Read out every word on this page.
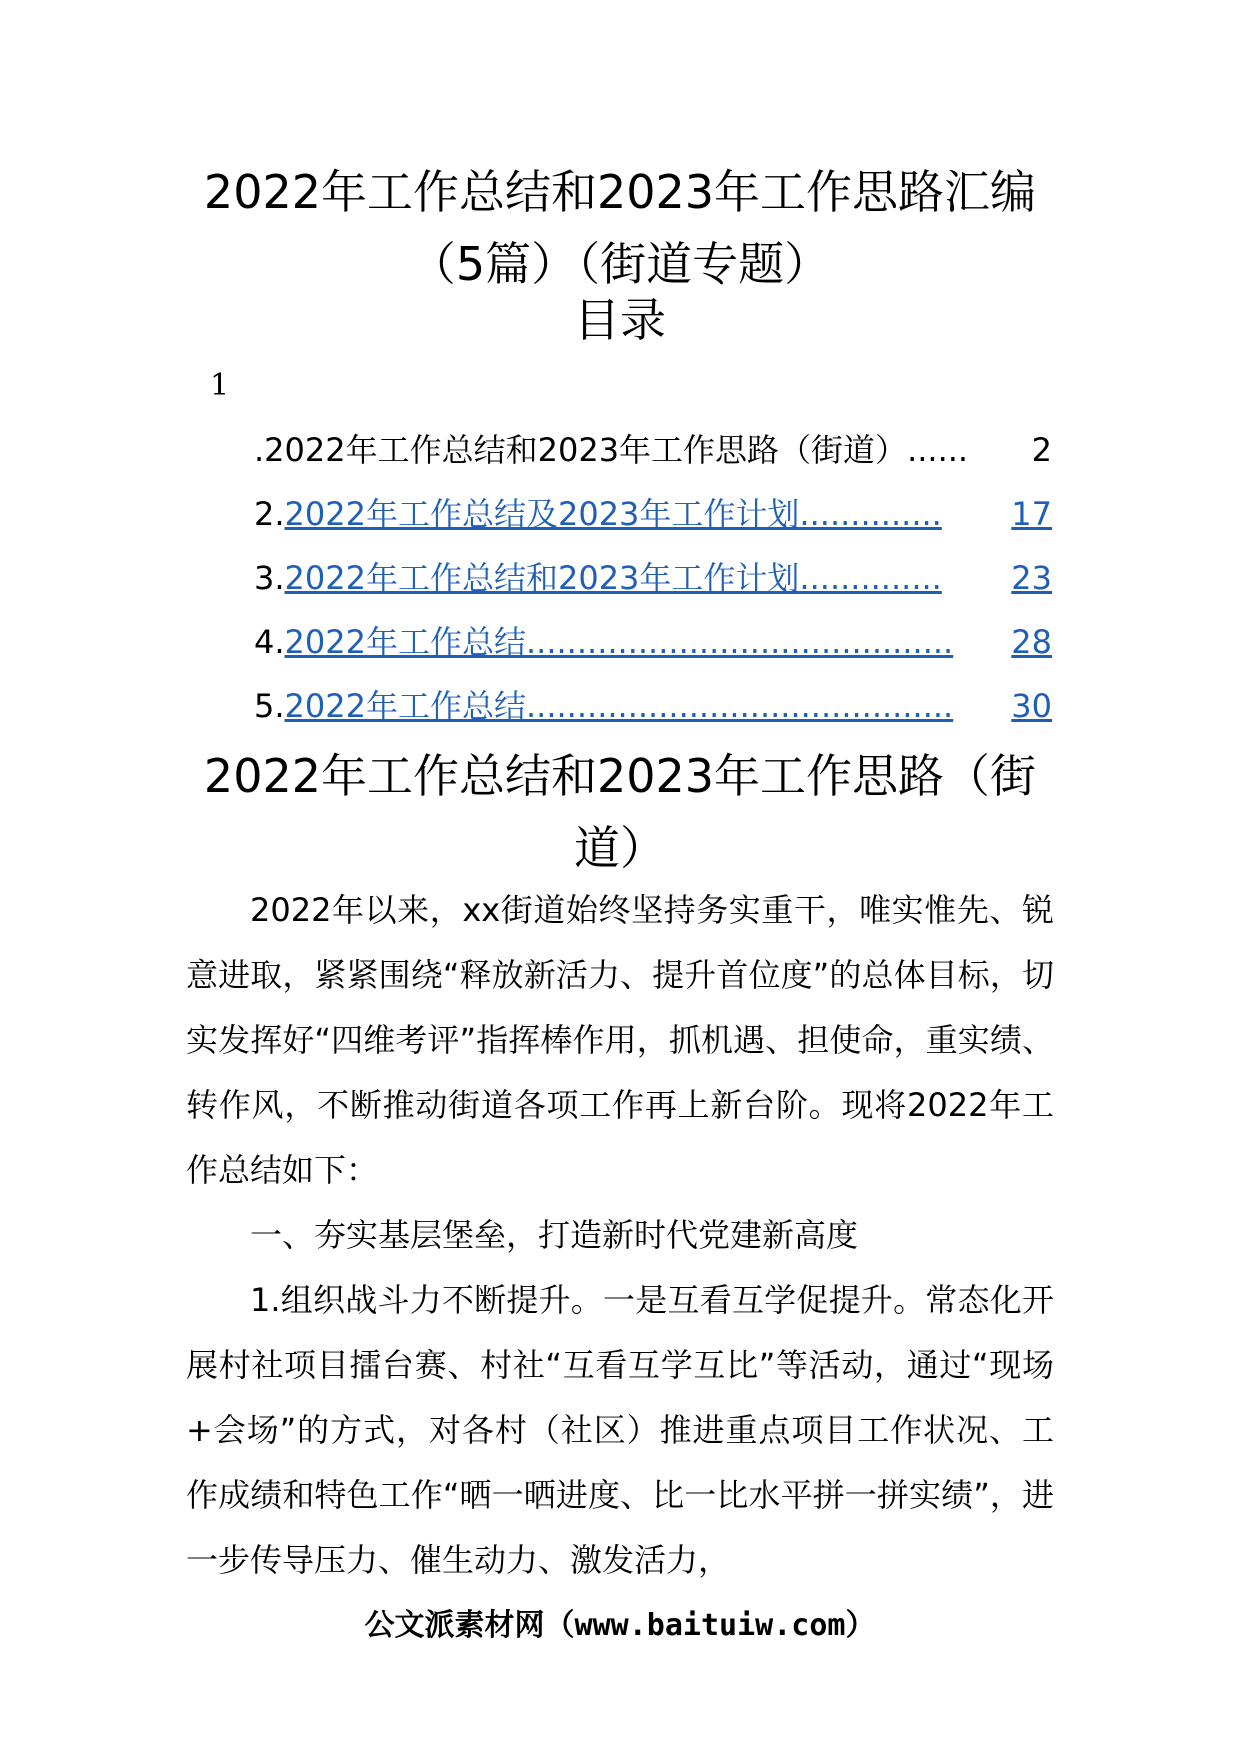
2022年工作总结和2023年工作思路汇编
（5篇）（街道专题）
目录
1
.2022年工作总结和2023年工作思路（街道） ......	2
2. 2022年工作总结及2023年工作计划 ..............	17
3. 2022年工作总结和2023年工作计划 ..............	23
4. 2022年工作总结 ..........................................	28
5. 2022年工作总结 ..........................................	30
2022年工作总结和2023年工作思路（街
道）

2022年以来，xx街道始终坚持务实重干，唯实惟先、锐意进取，紧紧围绕“释放新活力、提升首位度”的总体目标，切实发挥好“四维考评”指挥棒作用，抓机遇、担使命，重实绩、转作风，不断推动街道各项工作再上新台阶。现将2022年工作总结如下：

一、夯实基层堡垒，打造新时代党建新高度

1.组织战斗力不断提升。一是互看互学促提升。常态化开展村社项目擂台赛、村社“互看互学互比”等活动，通过“现场+会场”的方式，对各村（社区）推进重点项目工作状况、工作成绩和特色工作“晒一晒进度、比一比水平拼一拼实绩”，进一步传导压力、催生动力、激发活力，

公文派素材网（www.baituiw.com）
